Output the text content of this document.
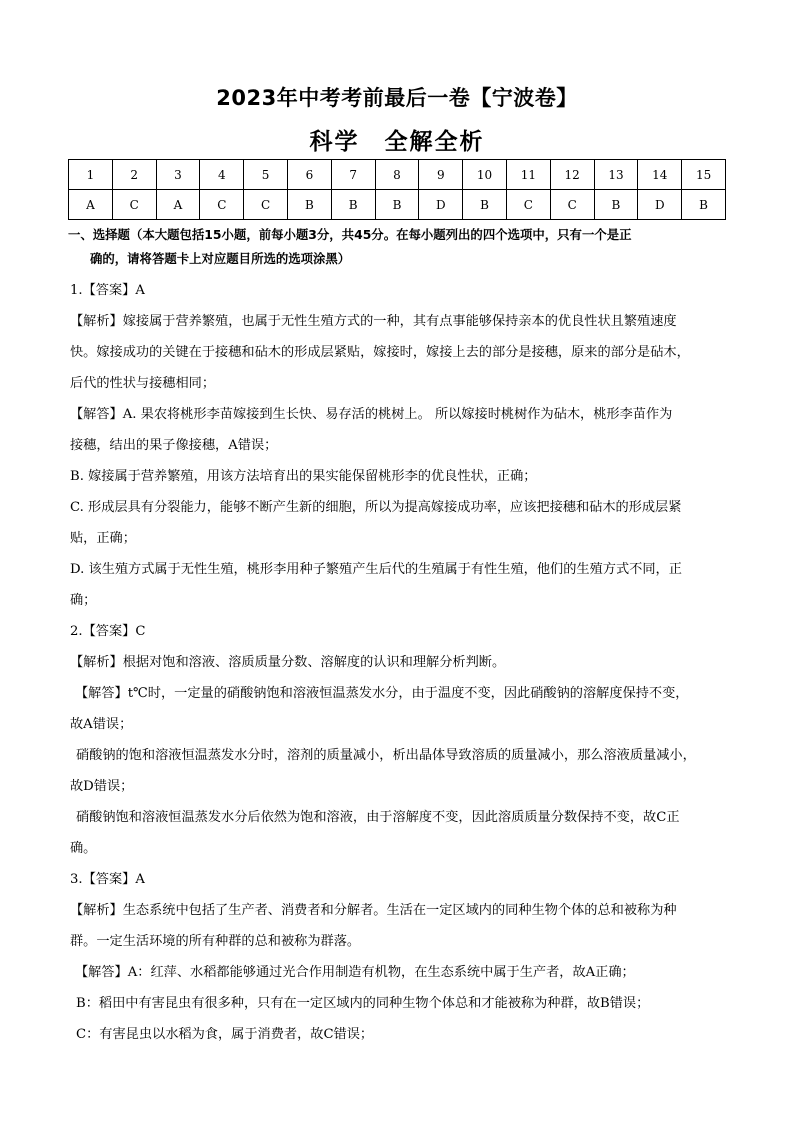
2023年中考考前最后一卷【宁波卷】
科学　全解全析
1	2	3	4	5	6	7	8	9	10	11	12	13	14	15
A	C	A	C	C	B	B	B	D	B	C	C	B	D	B
一、选择题（本大题包括15小题，前每小题3分，共45分。在每小题列出的四个选项中，只有一个是正
确的，请将答题卡上对应题目所选的选项涂黑）
1.【答案】A
【解析】嫁接属于营养繁殖，也属于无性生殖方式的一种，其有点事能够保持亲本的优良性状且繁殖速度
快。嫁接成功的关键在于接穗和砧木的形成层紧贴，嫁接时，嫁接上去的部分是接穗，原来的部分是砧木，
后代的性状与接穗相同；
【解答】A. 果农将桃形李苗嫁接到生长快、易存活的桃树上。 所以嫁接时桃树作为砧木，桃形李苗作为
接穗，结出的果子像接穗，A错误；
B. 嫁接属于营养繁殖，用该方法培育出的果实能保留桃形李的优良性状，正确；
C. 形成层具有分裂能力，能够不断产生新的细胞，所以为提高嫁接成功率，应该把接穗和砧木的形成层紧
贴，正确；
D. 该生殖方式属于无性生殖，桃形李用种子繁殖产生后代的生殖属于有性生殖，他们的生殖方式不同，正
确；
2.【答案】C
【解析】根据对饱和溶液、溶质质量分数、溶解度的认识和理解分析判断。
【解答】t℃时，一定量的硝酸钠饱和溶液恒温蒸发水分，由于温度不变，因此硝酸钠的溶解度保持不变，
故A错误；
硝酸钠的饱和溶液恒温蒸发水分时，溶剂的质量减小，析出晶体导致溶质的质量减小，那么溶液质量减小，
故D错误；
硝酸钠饱和溶液恒温蒸发水分后依然为饱和溶液，由于溶解度不变，因此溶质质量分数保持不变，故C正
确。
3.【答案】A
【解析】生态系统中包括了生产者、消费者和分解者。生活在一定区域内的同种生物个体的总和被称为种
群。一定生活环境的所有种群的总和被称为群落。
【解答】A：红萍、水稻都能够通过光合作用制造有机物，在生态系统中属于生产者，故A正确；
B：稻田中有害昆虫有很多种，只有在一定区域内的同种生物个体总和才能被称为种群，故B错误；
C：有害昆虫以水稻为食，属于消费者，故C错误；
